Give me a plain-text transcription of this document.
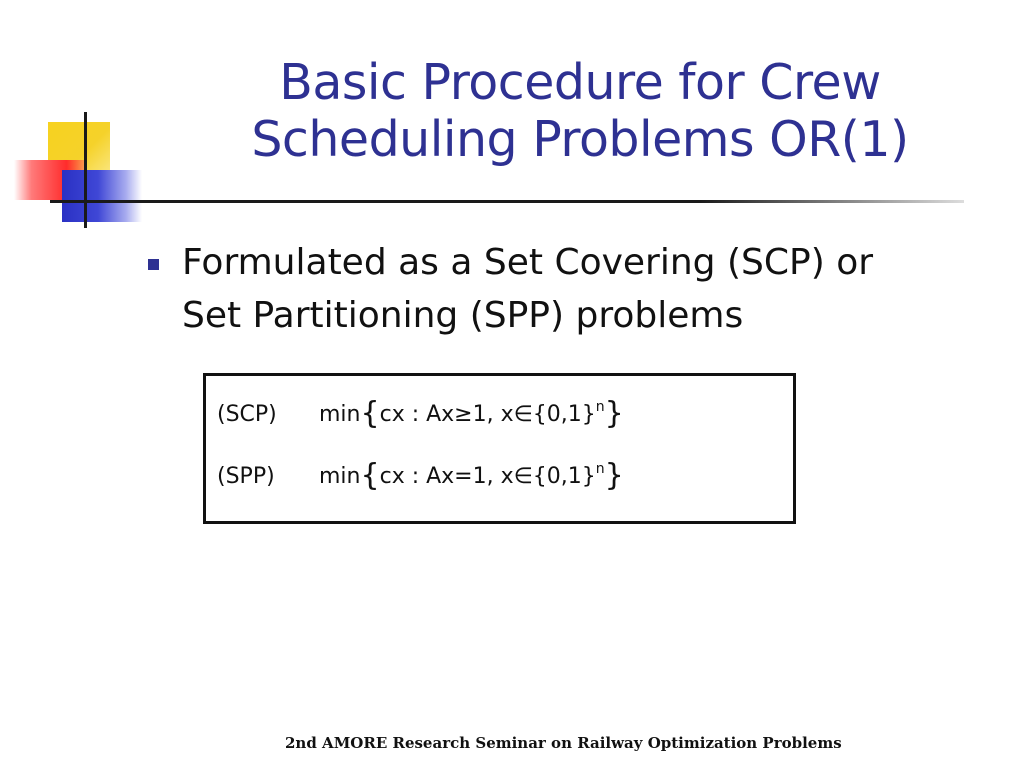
Basic Procedure for Crew
Scheduling Problems OR(1)
Formulated as a Set Covering (SCP) or
Set Partitioning (SPP) problems
(SCP) min{cx : Ax≥1, $x\in\{0,1\}^n$}
(SPP) min{cx : Ax=1, $x\in\{0,1\}^n$}
2nd AMORE Research Seminar on Railway Optimization Problems
